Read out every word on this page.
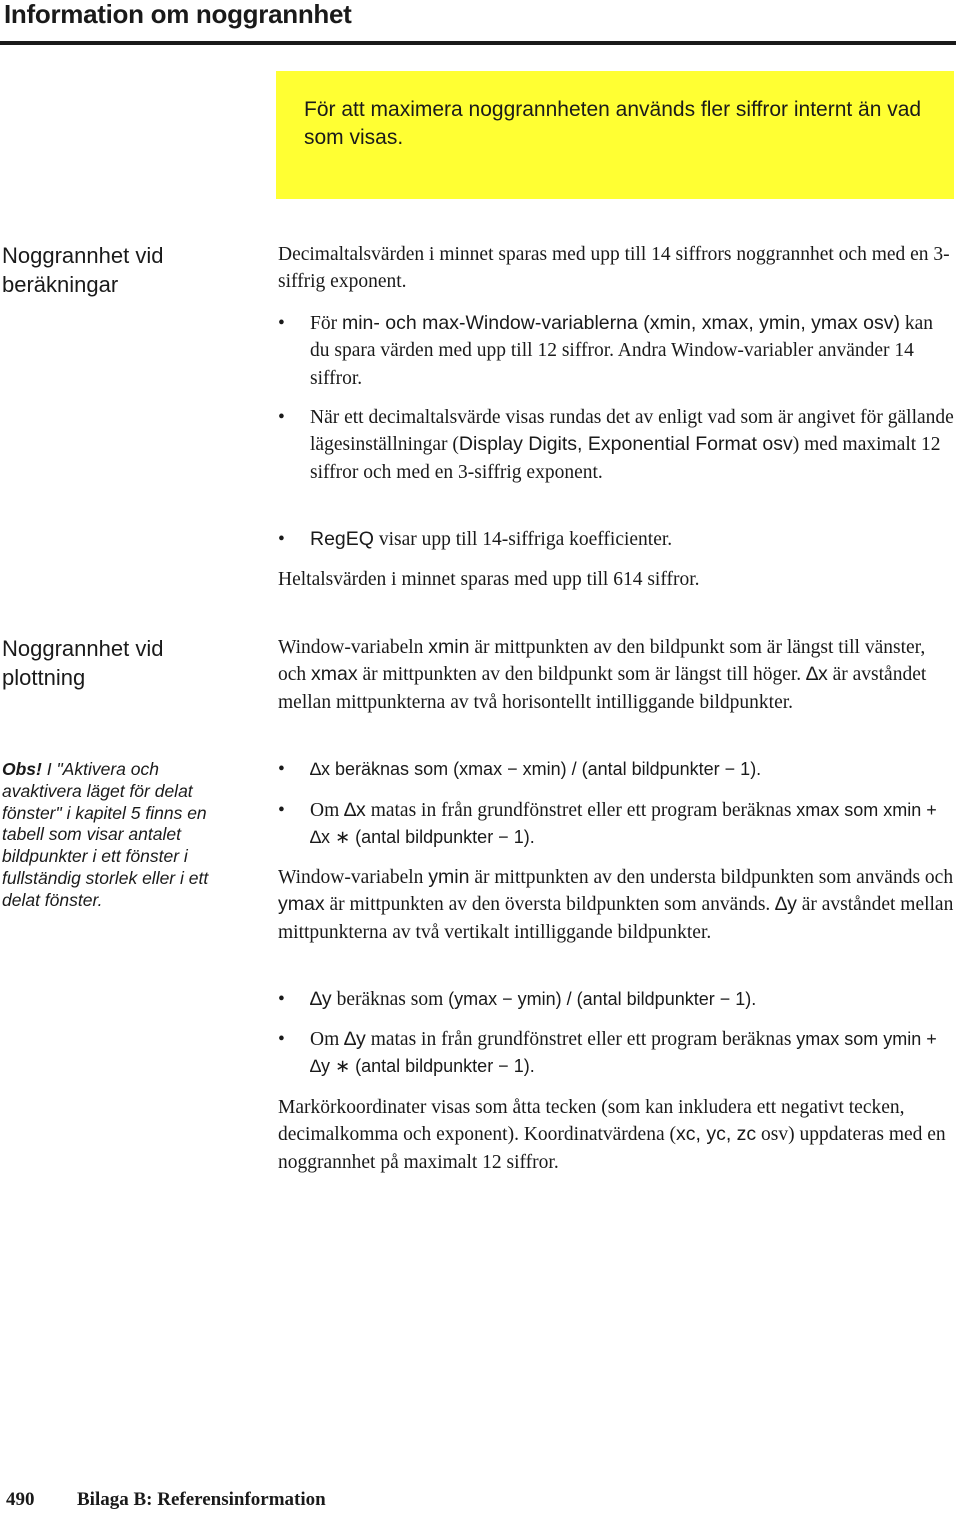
Information om noggrannhet
För att maximera noggrannheten används fler siffror internt än vad som visas.
Noggrannhet vid
beräkningar
Decimaltalsvärden i minnet sparas med upp till 14 siffrors noggrannhet och med en 3-siffrig exponent.
• För min- och max-Window-variablerna (xmin, xmax, ymin, ymax osv) kan du spara värden med upp till 12 siffror. Andra Window-variabler använder 14 siffror.
• När ett decimaltalsvärde visas rundas det av enligt vad som är angivet för gällande lägesinställningar (Display Digits, Exponential Format osv) med maximalt 12 siffror och med en 3-siffrig exponent.
• RegEQ visar upp till 14-siffriga koefficienter.
Heltalsvärden i minnet sparas med upp till 614 siffror.
Noggrannhet vid
plottning
Obs! I "Aktivera och avaktivera läget för delat fönster" i kapitel 5 finns en tabell som visar antalet bildpunkter i ett fönster i fullständig storlek eller i ett delat fönster.
Window-variabeln xmin är mittpunkten av den bildpunkt som är längst till vänster, och xmax är mittpunkten av den bildpunkt som är längst till höger. ∆x är avståndet mellan mittpunkterna av två horisontellt intilliggande bildpunkter.
• ∆x beräknas som (xmax − xmin) / (antal bildpunkter − 1).
• Om ∆x matas in från grundfönstret eller ett program beräknas xmax som xmin + ∆x ∗ (antal bildpunkter − 1).
Window-variabeln ymin är mittpunkten av den understa bildpunkten som används och ymax är mittpunkten av den översta bildpunkten som används. ∆y är avståndet mellan mittpunkterna av två vertikalt intilliggande bildpunkter.
• ∆y beräknas som (ymax − ymin) / (antal bildpunkter − 1).
• Om ∆y matas in från grundfönstret eller ett program beräknas ymax som ymin + ∆y ∗ (antal bildpunkter − 1).
Markörkoordinater visas som åtta tecken (som kan inkludera ett negativt tecken, decimalkomma och exponent). Koordinatvärdena (xc, yc, zc osv) uppdateras med en noggrannhet på maximalt 12 siffror.
490 Bilaga B: Referensinformation
